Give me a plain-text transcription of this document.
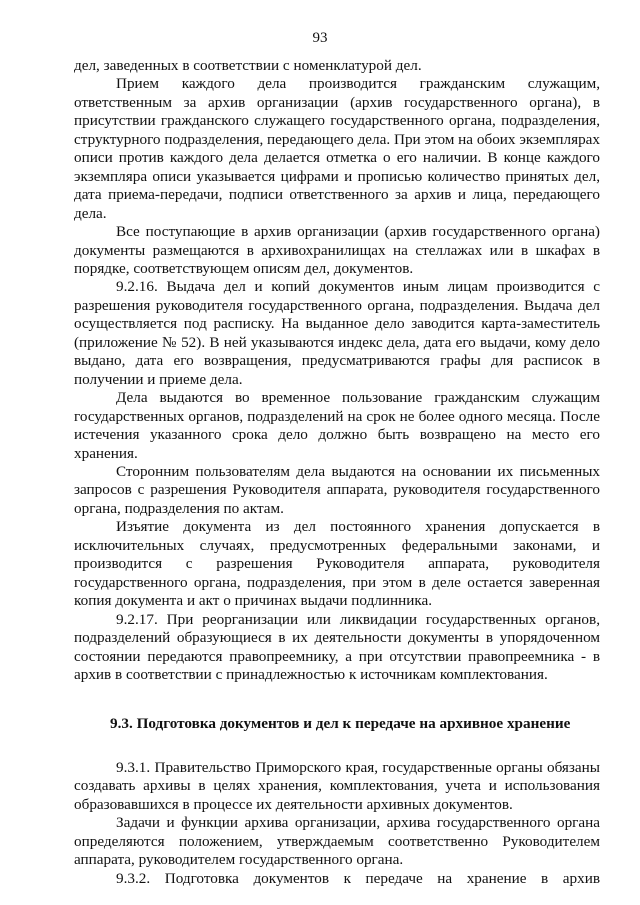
93

дел, заведенных в соответствии с номенклатурой дел.

Прием каждого дела производится гражданским служащим, ответственным за архив организации (архив государственного органа), в присутствии гражданского служащего государственного органа, подразделения, структурного подразделения, передающего дела. При этом на обоих экземплярах описи против каждого дела делается отметка о его наличии. В конце каждого экземпляра описи указывается цифрами и прописью количество принятых дел, дата приема-передачи, подписи ответственного за архив и лица, передающего дела.

Все поступающие в архив организации (архив государственного органа) документы размещаются в архивохранилищах на стеллажах или в шкафах в порядке, соответствующем описям дел, документов.

9.2.16. Выдача дел и копий документов иным лицам производится с разрешения руководителя государственного органа, подразделения. Выдача дел осуществляется под расписку. На выданное дело заводится карта-заместитель (приложение № 52). В ней указываются индекс дела, дата его выдачи, кому дело выдано, дата его возвращения, предусматриваются графы для расписок в получении и приеме дела.

Дела выдаются во временное пользование гражданским служащим государственных органов, подразделений на срок не более одного месяца. После истечения указанного срока дело должно быть возвращено на место его хранения.

Сторонним пользователям дела выдаются на основании их письменных запросов с разрешения Руководителя аппарата, руководителя государственного органа, подразделения по актам.

Изъятие документа из дел постоянного хранения допускается в исключительных случаях, предусмотренных федеральными законами, и производится с разрешения Руководителя аппарата, руководителя государственного органа, подразделения, при этом в деле остается заверенная копия документа и акт о причинах выдачи подлинника.

9.2.17. При реорганизации или ликвидации государственных органов, подразделений образующиеся в их деятельности документы в упорядоченном состоянии передаются правопреемнику, а при отсутствии правопреемника - в архив в соответствии с принадлежностью к источникам комплектования.

9.3. Подготовка документов и дел к передаче на архивное хранение

9.3.1. Правительство Приморского края, государственные органы обязаны создавать архивы в целях хранения, комплектования, учета и использования образовавшихся в процессе их деятельности архивных документов.

Задачи и функции архива организации, архива государственного органа определяются положением, утверждаемым соответственно Руководителем аппарата, руководителем государственного органа.

9.3.2. Подготовка документов к передаче на хранение в архив
